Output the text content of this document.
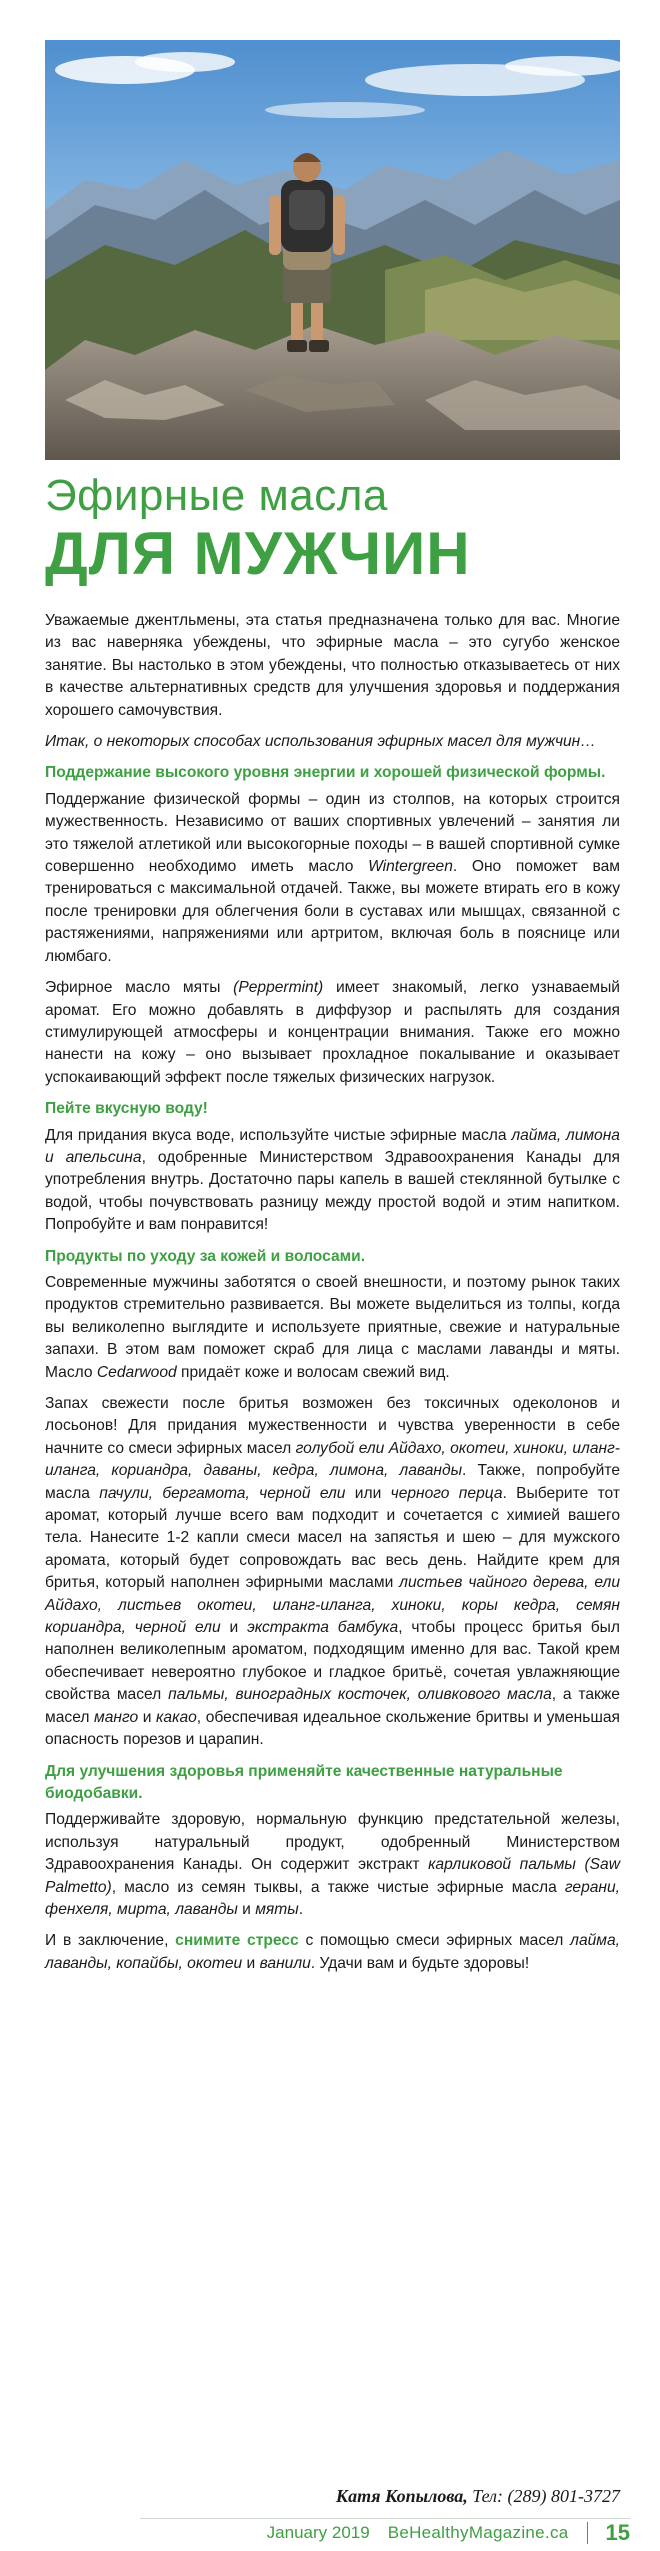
Эфирные масла
ДЛЯ МУЖЧИН

Уважаемые джентльмены, эта статья предназначена только для вас. Многие из вас наверняка убеждены, что эфирные масла – это сугубо женское занятие. Вы настолько в этом убеждены, что полностью отказываетесь от них в качестве альтернативных средств для улучшения здоровья и поддержания хорошего самочувствия.

Итак, о некоторых способах использования эфирных масел для мужчин…

Поддержание высокого уровня энергии и хорошей физической формы.

Поддержание физической формы – один из столпов, на которых строится мужественность. Независимо от ваших спортивных увлечений – занятия ли это тяжелой атлетикой или высокогорные походы – в вашей спортивной сумке совершенно необходимо иметь масло Wintergreen. Оно поможет вам тренироваться с максимальной отдачей. Также, вы можете втирать его в кожу после тренировки для облегчения боли в суставах или мышцах, связанной с растяжениями, напряжениями или артритом, включая боль в пояснице или люмбаго.

Эфирное масло мяты (Peppermint) имеет знакомый, легко узнаваемый аромат. Его можно добавлять в диффузор и распылять для создания стимулирующей атмосферы и концентрации внимания. Также его можно нанести на кожу – оно вызывает прохладное покалывание и оказывает успокаивающий эффект после тяжелых физических нагрузок.

Пейте вкусную воду!

Для придания вкуса воде, используйте чистые эфирные масла лайма, лимона и апельсина, одобренные Министерством Здравоохранения Канады для употребления внутрь. Достаточно пары капель в вашей стеклянной бутылке с водой, чтобы почувствовать разницу между простой водой и этим напитком. Попробуйте и вам понравится!

Продукты по уходу за кожей и волосами.

Современные мужчины заботятся о своей внешности, и поэтому рынок таких продуктов стремительно развивается. Вы можете выделиться из толпы, когда вы великолепно выглядите и используете приятные, свежие и натуральные запахи. В этом вам поможет скраб для лица с маслами лаванды и мяты. Масло Cedarwood придаёт коже и волосам свежий вид.

Запах свежести после бритья возможен без токсичных одеколонов и лосьонов! Для придания мужественности и чувства уверенности в себе начните со смеси эфирных масел голубой ели Айдахо, окотеи, хиноки, иланг-иланга, кориандра, даваны, кедра, лимона, лаванды. Также, попробуйте масла пачули, бергамота, черной ели или черного перца. Выберите тот аромат, который лучше всего вам подходит и сочетается с химией вашего тела. Нанесите 1-2 капли смеси масел на запястья и шею – для мужского аромата, который будет сопровождать вас весь день. Найдите крем для бритья, который наполнен эфирными маслами листьев чайного дерева, ели Айдахо, листьев окотеи, иланг-иланга, хиноки, коры кедра, семян кориандра, черной ели и экстракта бамбука, чтобы процесс бритья был наполнен великолепным ароматом, подходящим именно для вас. Такой крем обеспечивает невероятно глубокое и гладкое бритьё, сочетая увлажняющие свойства масел пальмы, виноградных косточек, оливкового масла, а также масел манго и какао, обеспечивая идеальное скольжение бритвы и уменьшая опасность порезов и царапин.

Для улучшения здоровья применяйте качественные натуральные биодобавки.

Поддерживайте здоровую, нормальную функцию предстательной железы, используя натуральный продукт, одобренный Министерством Здравоохранения Канады. Он содержит экстракт карликовой пальмы (Saw Palmetto), масло из семян тыквы, а также чистые эфирные масла герани, фенхеля, мирта, лаванды и мяты.

И в заключение, снимите стресс с помощью смеси эфирных масел лайма, лаванды, копайбы, окотеи и ванили. Удачи вам и будьте здоровы!

Катя Копылова, Тел: (289) 801-3727
January 2019 BeHealthyMagazine.ca 15
